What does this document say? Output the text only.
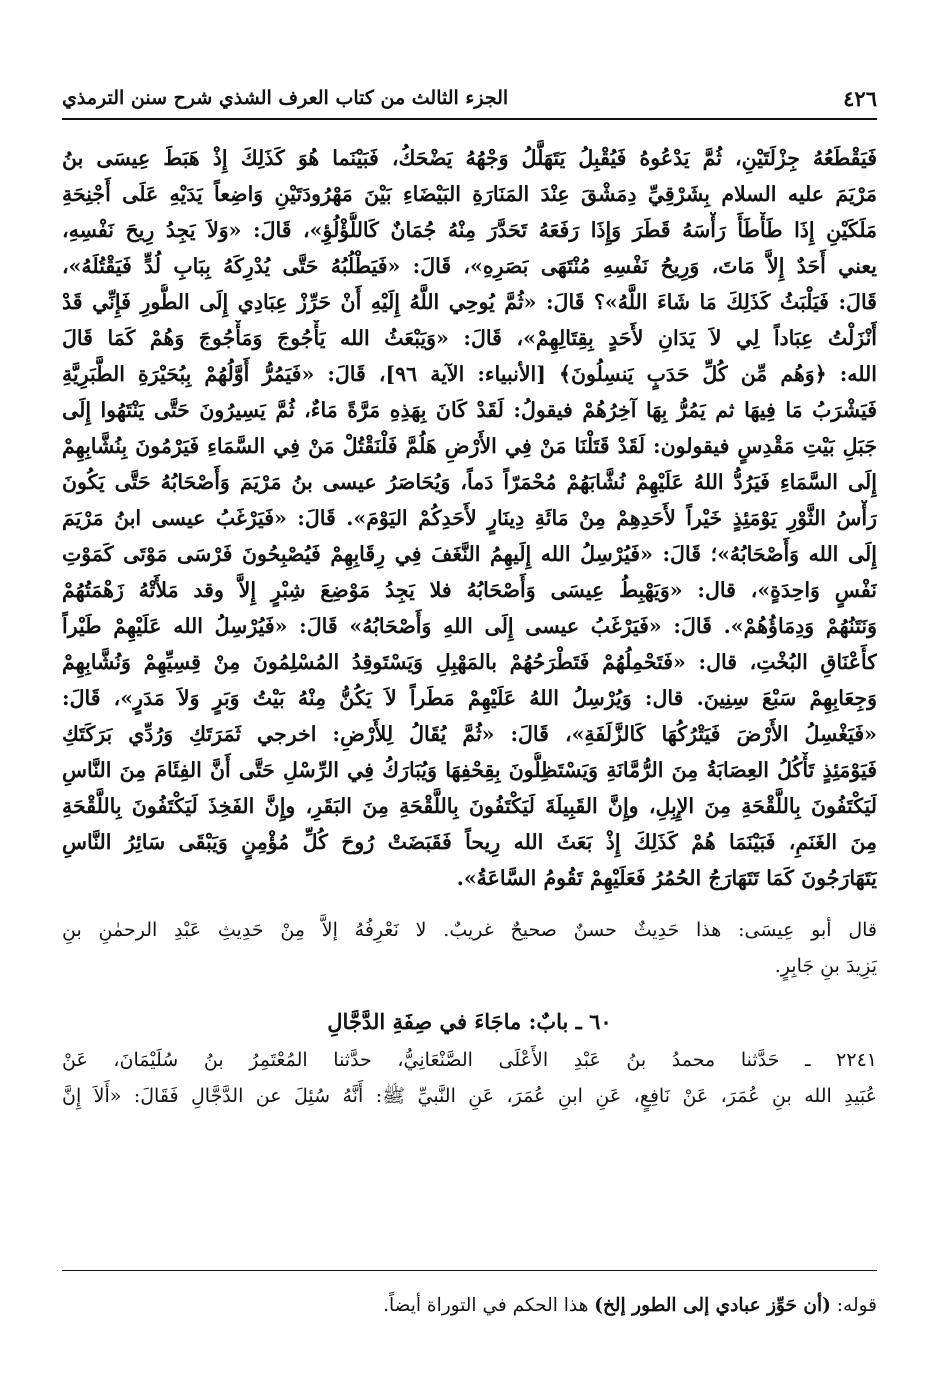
٤٢٦
الجزء الثالث من كتاب العرف الشذي شرح سنن الترمذي
فَيَقْطَعُهُ جِزْلَتَيْنِ، ثُمَّ يَدْعُوهُ فَيُقْبِلُ يَتَهَلَّلُ وَجْهُهُ يَضْحَكُ، فَبَيْنَما هُوَ كَذَلِكَ إِذْ هَبَطَ عِيسَى بنُ
مَرْيَمَ عليه السلام بِشَرْقِيِّ دِمَشْقَ عِنْدَ المَنَارَةِ البَيْضَاءِ بَيْنَ مَهْرُودَتَيْنِ وَاضِعاً يَدَيْهِ عَلَى أَجْنِحَةِ
مَلَكَيْنِ إِذَا طَأْطَأَ رَأْسَهُ قَطَرَ وَإِذَا رَفَعَهُ تَحَدَّرَ مِنْهُ جُمَانٌ كَاللُّؤْلُؤِ»، قَالَ: «وَلاَ يَجِدُ رِيحَ نَفْسِهِ،
يعني أَحَدٌ إِلاَّ مَاتَ، وَرِيحُ نَفْسِهِ مُنْتَهَى بَصَرِهِ»، قَالَ: «فَيَطْلُبُهُ حَتَّى يُدْرِكَهُ بِبَابِ لُدٍّ فَيَقْتُلَهُ»،
قَالَ: فَيَلْبَثُ كَذَلِكَ مَا شَاءَ اللَّهُ»؟ قَالَ: «ثُمَّ يُوحِي اللَّهُ إِلَيْهِ أَنْ حَرِّزْ عِبَادِي إِلَى الطُّورِ فَإِنِّي قَدْ
أَنْزَلْتُ عِبَاداً لِي لاَ يَدَانِ لأَحَدٍ بِقِتَالِهِمْ»، قَالَ: «وَيَبْعَثُ الله يَأْجُوجَ وَمَأْجُوجَ وَهُمْ كَمَا قَالَ
الله: ﴿وَهُم مِّن كُلِّ حَدَبٍ يَنسِلُونَ﴾ [الأنبياء: الآية ٩٦]، قَالَ: «فَيَمُرُّ أَوَّلُهُمْ بِبُحَيْرَةِ الطَّبَرِيَّةِ
فَيَشْرَبُ مَا فِيهَا ثم يَمُرُّ بِهَا آخِرُهُمْ فيقولُ: لَقَدْ كَانَ بِهَذِهِ مَرَّةً مَاءٌ، ثُمَّ يَسِيرُونَ حَتَّى يَنْتَهُوا إِلَى
جَبَلِ بَيْتِ مَقْدِسٍ فيقولون: لَقَدْ قَتَلْنَا مَنْ فِي الأَرْضِ هَلُمَّ فَلْنَقْتُلْ مَنْ فِي السَّمَاءِ فَيَرْمُونَ بِنُشَّابِهِمْ
إِلَى السَّمَاءِ فَيَرُدُّ اللهُ عَلَيْهِمْ نُشَّابَهُمْ مُحْمَرّاً دَماً، وَيُحَاصَرُ عيسى بنُ مَرْيَمَ وَأَصْحَابُهُ حَتَّى يَكُونَ
رَأْسُ الثَّوْرِ يَوْمَئِذٍ خَيْراً لأَحَدِهِمْ مِنْ مَائَةِ دِينَارٍ لأَحَدِكُمْ اليَوْمَ». قَالَ: «فَيَرْغَبُ عيسى ابنُ مَرْيَمَ
إِلَى الله وَأَصْحَابُهُ»؛ قَالَ: «فَيُرْسِلُ الله إِلَيهِمُ النَّغَفَ فِي رِقَابِهِمْ فَيُصْبِحُونَ فَرْسَى مَوْتَى كَمَوْتِ
نَفْسٍ وَاحِدَةٍ»، قال: «وَيَهْبِطُ عِيسَى وَأَصْحَابُهُ فلا يَجِدُ مَوْضِعَ شِبْرٍ إِلاَّ وقد مَلأَتْهُ زَهْمَتُهُمْ
وَنَتَنُهُمْ وَدِمَاؤُهُمْ». قَالَ: «فَيَرْغَبُ عيسى إِلَى اللهِ وَأَصْحَابُهُ» قَالَ: «فَيُرْسِلُ الله عَلَيْهِمْ طَيْراً
كأَعْنَاقِ البُخْتِ، قال: «فَتَحْمِلُهُمْ فَتَطْرَحُهُمْ بالمَهْبِلِ وَيَسْتَوقِدُ المُسْلِمُونَ مِنْ قِسِيِّهِمْ وَنُشَّابِهِمْ
وَجِعَابِهِمْ سَبْعَ سِنِينَ. قال: وَيُرْسِلُ اللهُ عَلَيْهِمْ مَطَراً لاَ يَكُنُّ مِنْهُ بَيْتُ وَبَرٍ وَلاَ مَدَرٍ»، قَالَ:
«فَيَغْسِلُ الأَرْضَ فَيَتْرُكُهَا كَالزَّلَفَةِ»، قَالَ: «ثُمَّ يُقَالُ لِلأَرْضِ: اخرجي ثَمَرَتَكِ وَرُدِّي بَرَكَتَكِ
فَيَوْمَئِذٍ تَأْكُلُ العِصَابَةُ مِنَ الرُّمَّانَةِ وَيَسْتَظِلُّونَ بِقِحْفِهَا وَيُبَارَكُ فِي الرِّسْلِ حَتَّى أَنَّ الفِئَامَ مِنَ النَّاسِ
لَيَكْتَفُونَ بِاللَّقْحَةِ مِنَ الإِبِلِ، وإِنَّ القَبِيلَةَ لَيَكْتَفُونَ بِاللَّقْحَةِ مِنَ البَقَرِ، وإِنَّ الفَخِذَ لَيَكْتَفُونَ بِاللَّقْحَةِ
مِنَ الغَنَمِ، فَبَيْنَمَا هُمْ كَذَلِكَ إِذْ بَعَثَ الله رِيحاً فَقَبَضَتْ رُوحَ كُلِّ مُؤْمِنٍ وَيَبْقَى سَائِرُ النَّاسِ
يَتَهَارَجُونَ كَمَا تَتَهَارَجُ الحُمُرُ فَعَلَيْهِمْ تَقُومُ السَّاعَةُ».
قال أبو عِيسَى: هذا حَدِيثٌ حسنٌ صحيحٌ غريبٌ. لا نَعْرِفُهُ إلاَّ مِنْ حَدِيثِ عَبْدِ الرحمٰنِ بنِ
يَزِيدَ بنِ جَابِرٍ.
٦٠ ـ بابٌ: ماجَاءَ في صِفَةِ الدَّجَّالِ
٢٢٤١ ـ حَدَّثنا محمدُ بنُ عَبْدِ الأَعْلَى الصَّنْعَانِيُّ، حدَّثنا المُعْتَمِرُ بنُ سُلَيْمَانَ، عَنْ
عُبَيدِ الله بنِ عُمَرَ، عَنْ نَافِعٍ، عَنِ ابنِ عُمَرَ، عَنِ النَّبيِّ ﷺ: أَنَّهُ سُئِلَ عن الدَّجَّالِ فَقَالَ: «أَلاَ إِنَّ
قوله: (أن حَوِّز عبادي إلى الطور إلخ) هذا الحكم في التوراة أيضاً.
